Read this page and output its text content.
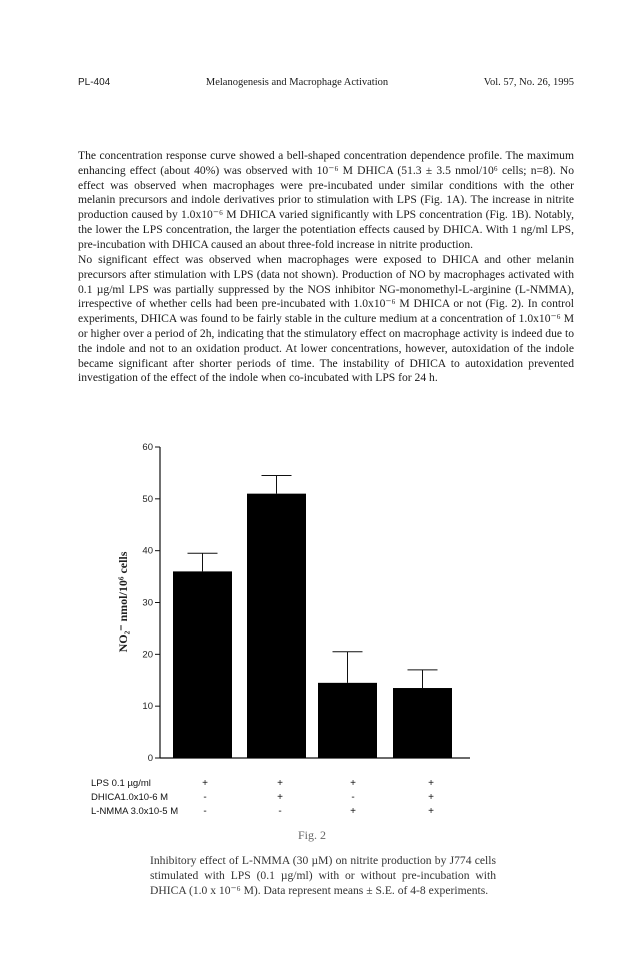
PL-404	Melanogenesis and Macrophage Activation	Vol. 57, No. 26, 1995

The concentration response curve showed a bell-shaped concentration dependence profile. The maximum enhancing effect (about 40%) was observed with 10⁻⁶ M DHICA (51.3 ± 3.5 nmol/10⁶ cells; n=8). No effect was observed when macrophages were pre-incubated under similar conditions with the other melanin precursors and indole derivatives prior to stimulation with LPS (Fig. 1A). The increase in nitrite production caused by 1.0x10⁻⁶ M DHICA varied significantly with LPS concentration (Fig. 1B). Notably, the lower the LPS concentration, the larger the potentiation effects caused by DHICA. With 1 ng/ml LPS, pre-incubation with DHICA caused an about three-fold increase in nitrite production.

No significant effect was observed when macrophages were exposed to DHICA and other melanin precursors after stimulation with LPS (data not shown). Production of NO by macrophages activated with 0.1 µg/ml LPS was partially suppressed by the NOS inhibitor NG-monomethyl-L-arginine (L-NMMA), irrespective of whether cells had been pre-incubated with 1.0x10⁻⁶ M DHICA or not (Fig. 2). In control experiments, DHICA was found to be fairly stable in the culture medium at a concentration of 1.0x10⁻⁶ M or higher over a period of 2h, indicating that the stimulatory effect on macrophage activity is indeed due to the indole and not to an oxidation product. At lower concentrations, however, autoxidation of the indole became significant after shorter periods of time. The instability of DHICA to autoxidation prevented investigation of the effect of the indole when co-incubated with LPS for 24 h.

0
10
20
30
40
50
60
NO₂⁻ nmol/10⁶ cells
LPS 0.1 µg/ml	+	+	+	+
DHICA1.0x10-6 M	-	+	-	+
L-NMMA 3.0x10-5 M	-	-	+	+
Fig. 2
Inhibitory effect of L-NMMA (30 µM) on nitrite production by J774 cells stimulated with LPS (0.1 µg/ml) with or without pre-incubation with DHICA (1.0 x 10⁻⁶ M). Data represent means ± S.E. of 4-8 experiments.
